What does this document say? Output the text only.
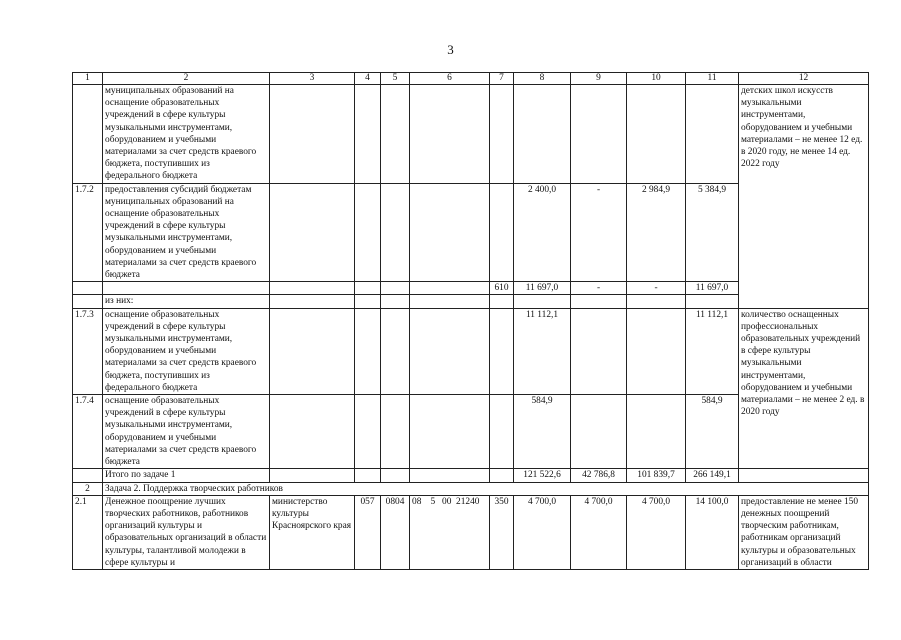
3
1	2	3	4	5	6	7	8	9	10	11	12
	муниципальных образований на оснащение образовательных учреждений в сфере культуры музыкальными инструментами, оборудованием и учебными материалами за счет средств краевого бюджета, поступивших из федерального бюджета										детских школ искусств музыкальными инструментами, оборудованием и учебными материалами – не менее 12 ед. в 2020 году, не менее 14 ед. 2022 году
1.7.2	предоставления субсидий бюджетам муниципальных образований на оснащение образовательных учреждений в сфере культуры музыкальными инструментами, оборудованием и учебными материалами за счет средств краевого бюджета						2 400,0	-	2 984,9	5 384,9	
						610	11 697,0	-	-	11 697,0	
	из них:										
1.7.3	оснащение образовательных учреждений в сфере культуры музыкальными инструментами, оборудованием и учебными материалами за счет средств краевого бюджета, поступивших из федерального бюджета						11 112,1			11 112,1	количество оснащенных профессиональных образовательных учреждений в сфере культуры музыкальными инструментами, оборудованием и учебными материалами – не менее 2 ед. в 2020 году
1.7.4	оснащение образовательных учреждений в сфере культуры музыкальными инструментами, оборудованием и учебными материалами за счет средств краевого бюджета						584,9			584,9	
	Итого по задаче 1						121 522,6	42 786,8	101 839,7	266 149,1	
2	Задача 2. Поддержка творческих работников										
2.1	Денежное поощрение лучших творческих работников, работников организаций культуры и образовательных организаций в области культуры, талантливой молодежи в сфере культуры и	министерство культуры Красноярского края	057	0804	08 5 00 21240	350	4 700,0	4 700,0	4 700,0	14 100,0	предоставление не менее 150 денежных поощрений творческим работникам, работникам организаций культуры и образовательных организаций в области
